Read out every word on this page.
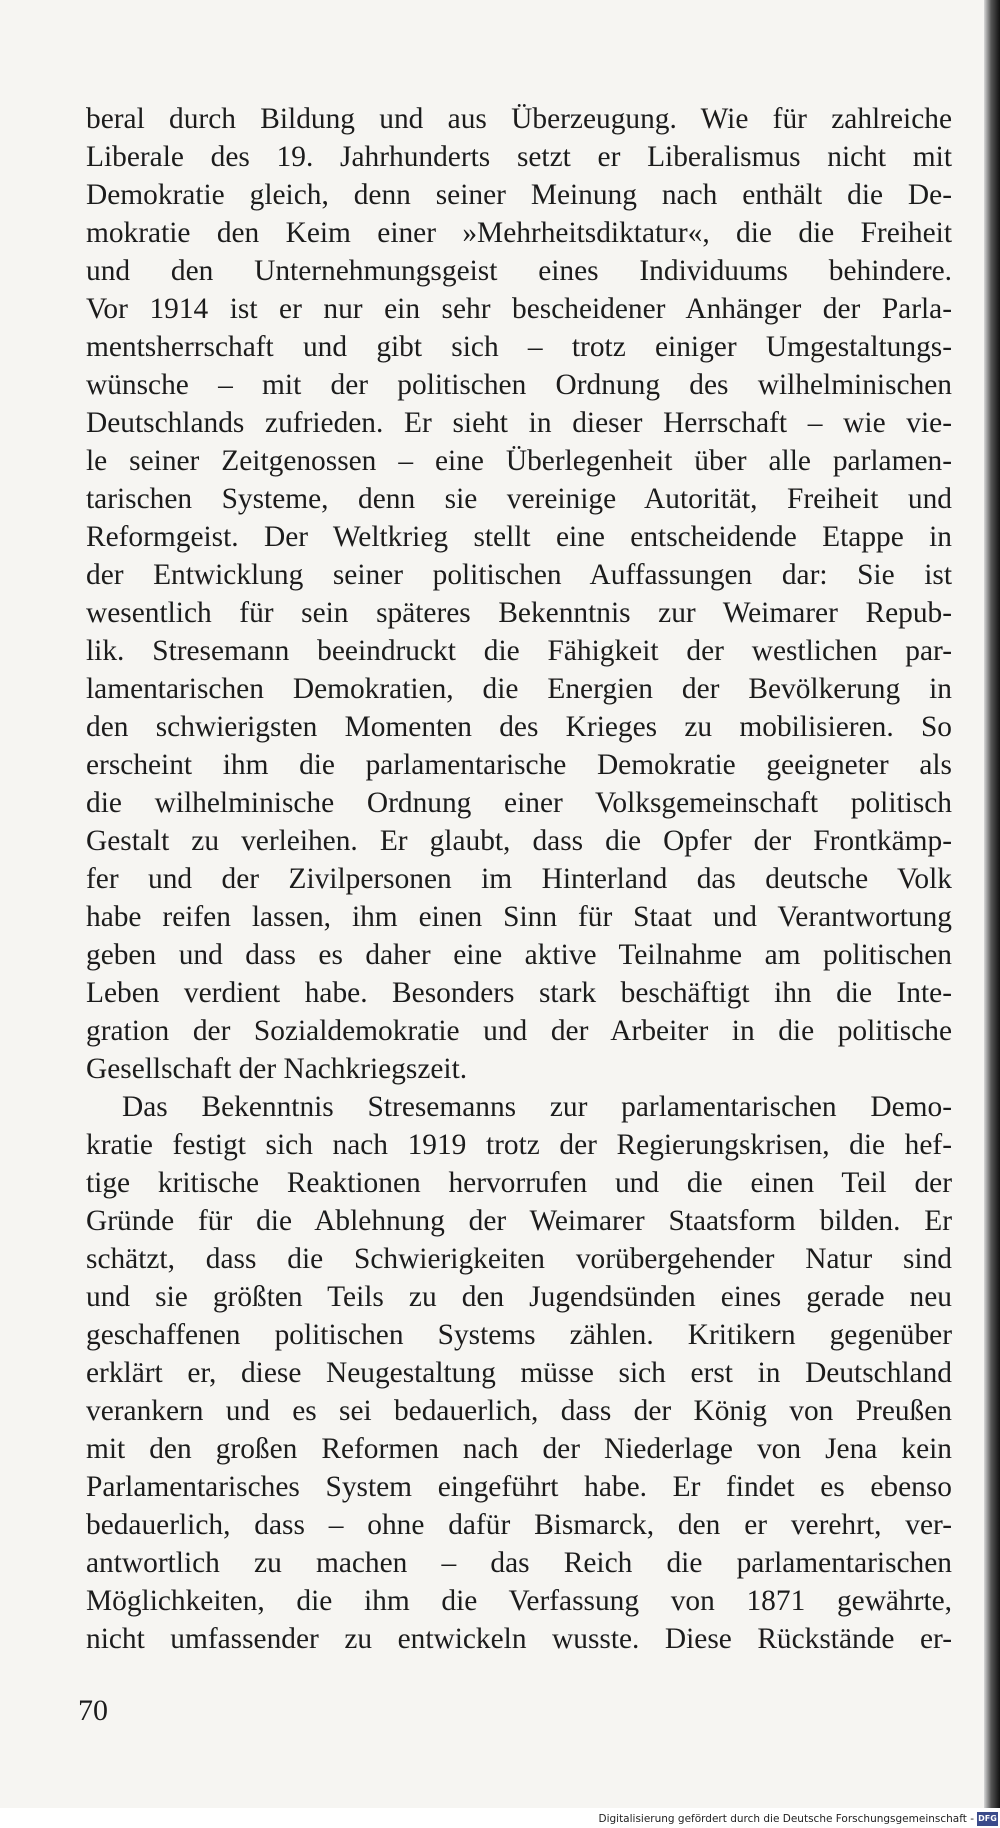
beral durch Bildung und aus Überzeugung. Wie für zahlreiche
Liberale des 19. Jahrhunderts setzt er Liberalismus nicht mit
Demokratie gleich, denn seiner Meinung nach enthält die De-
mokratie den Keim einer »Mehrheitsdiktatur«, die die Freiheit
und den Unternehmungsgeist eines Individuums behindere.
Vor 1914 ist er nur ein sehr bescheidener Anhänger der Parla-
mentsherrschaft und gibt sich – trotz einiger Umgestaltungs-
wünsche – mit der politischen Ordnung des wilhelminischen
Deutschlands zufrieden. Er sieht in dieser Herrschaft – wie vie-
le seiner Zeitgenossen – eine Überlegenheit über alle parlamen-
tarischen Systeme, denn sie vereinige Autorität, Freiheit und
Reformgeist. Der Weltkrieg stellt eine entscheidende Etappe in
der Entwicklung seiner politischen Auffassungen dar: Sie ist
wesentlich für sein späteres Bekenntnis zur Weimarer Repub-
lik. Stresemann beeindruckt die Fähigkeit der westlichen par-
lamentarischen Demokratien, die Energien der Bevölkerung in
den schwierigsten Momenten des Krieges zu mobilisieren. So
erscheint ihm die parlamentarische Demokratie geeigneter als
die wilhelminische Ordnung einer Volksgemeinschaft politisch
Gestalt zu verleihen. Er glaubt, dass die Opfer der Frontkämp-
fer und der Zivilpersonen im Hinterland das deutsche Volk
habe reifen lassen, ihm einen Sinn für Staat und Verantwortung
geben und dass es daher eine aktive Teilnahme am politischen
Leben verdient habe. Besonders stark beschäftigt ihn die Inte-
gration der Sozialdemokratie und der Arbeiter in die politische
Gesellschaft der Nachkriegszeit.
Das Bekenntnis Stresemanns zur parlamentarischen Demo-
kratie festigt sich nach 1919 trotz der Regierungskrisen, die hef-
tige kritische Reaktionen hervorrufen und die einen Teil der
Gründe für die Ablehnung der Weimarer Staatsform bilden. Er
schätzt, dass die Schwierigkeiten vorübergehender Natur sind
und sie größten Teils zu den Jugendsünden eines gerade neu
geschaffenen politischen Systems zählen. Kritikern gegenüber
erklärt er, diese Neugestaltung müsse sich erst in Deutschland
verankern und es sei bedauerlich, dass der König von Preußen
mit den großen Reformen nach der Niederlage von Jena kein
Parlamentarisches System eingeführt habe. Er findet es ebenso
bedauerlich, dass – ohne dafür Bismarck, den er verehrt, ver-
antwortlich zu machen – das Reich die parlamentarischen
Möglichkeiten, die ihm die Verfassung von 1871 gewährte,
nicht umfassender zu entwickeln wusste. Diese Rückstände er-
70
Digitalisierung gefördert durch die Deutsche Forschungsgemeinschaft - DFG
